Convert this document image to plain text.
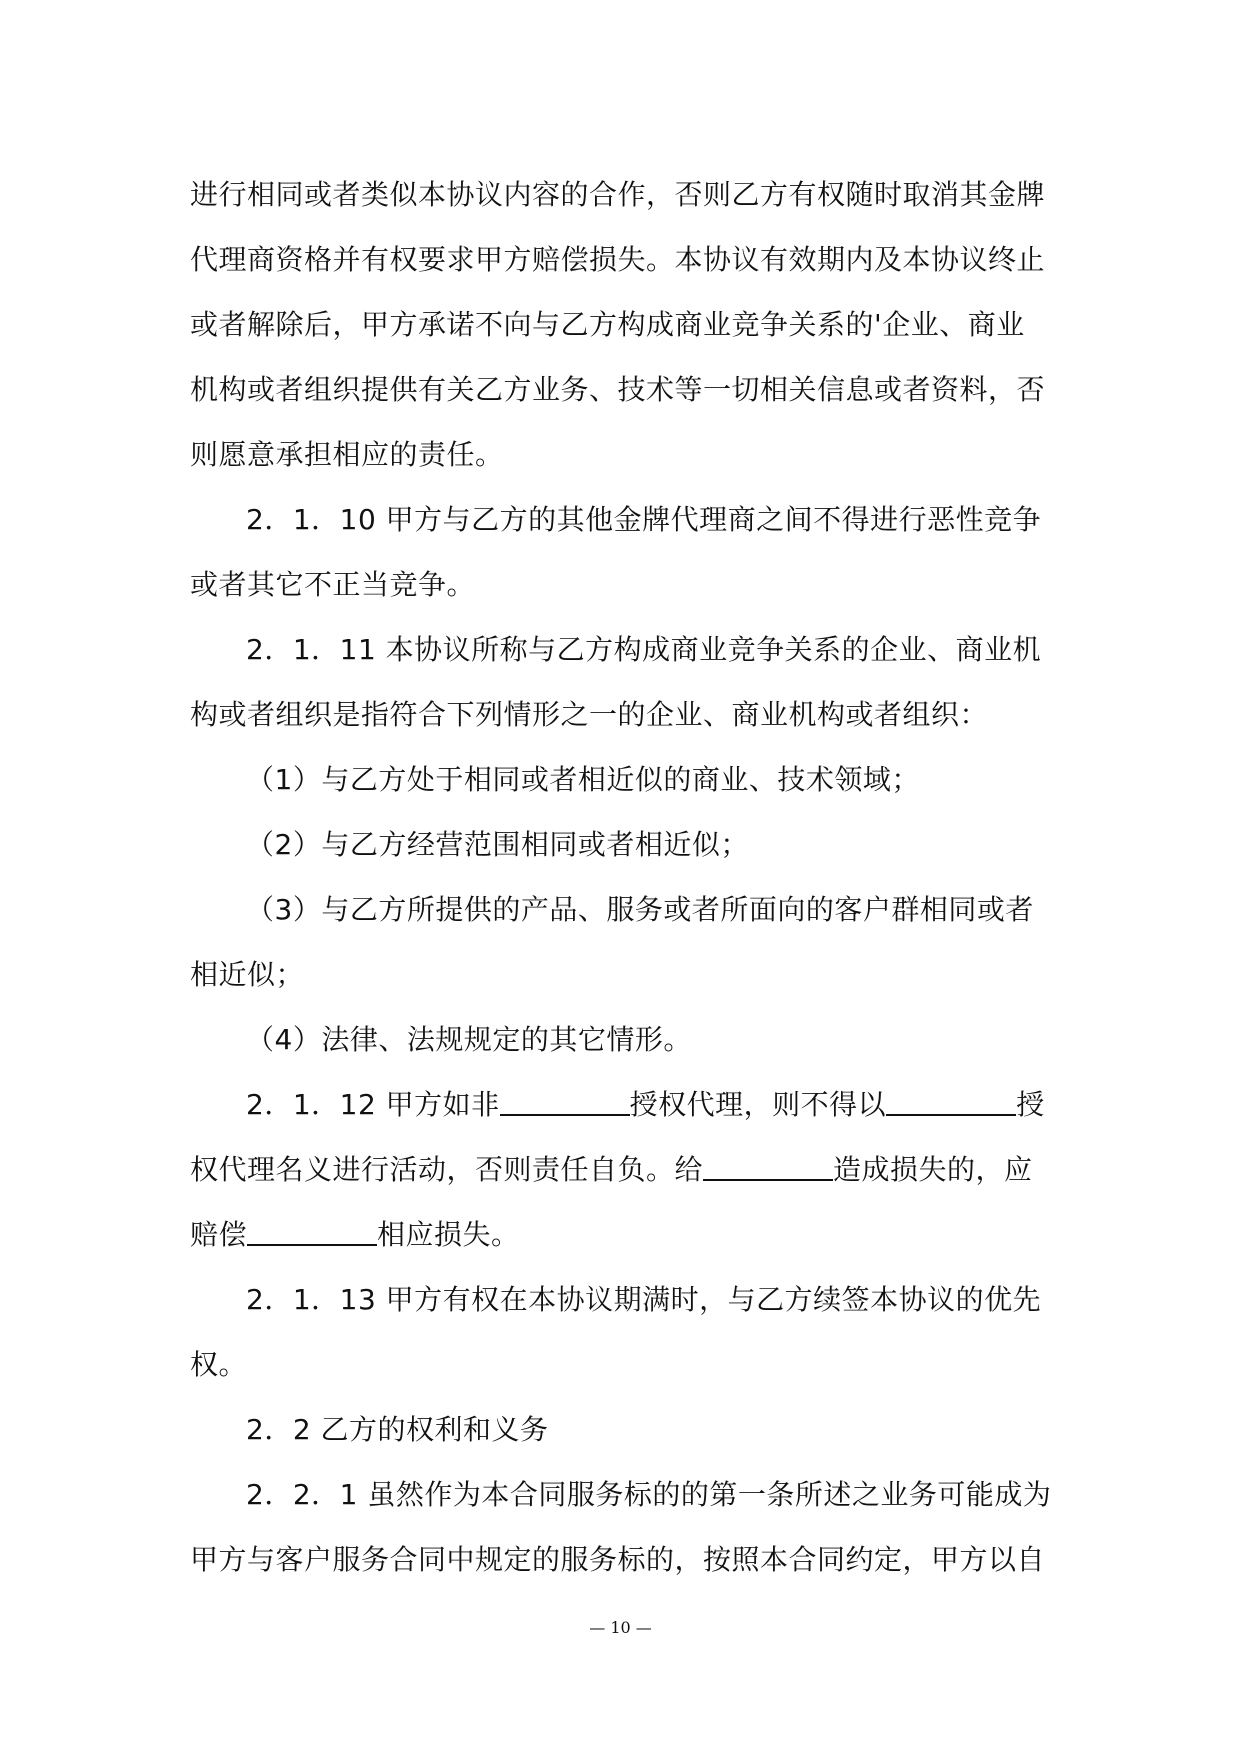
进行相同或者类似本协议内容的合作，否则乙方有权随时取消其金牌
代理商资格并有权要求甲方赔偿损失。本协议有效期内及本协议终止
或者解除后，甲方承诺不向与乙方构成商业竞争关系的'企业、商业
机构或者组织提供有关乙方业务、技术等一切相关信息或者资料，否
则愿意承担相应的责任。
2．1．10 甲方与乙方的其他金牌代理商之间不得进行恶性竞争
或者其它不正当竞争。
2．1．11 本协议所称与乙方构成商业竞争关系的企业、商业机
构或者组织是指符合下列情形之一的企业、商业机构或者组织：
（1）与乙方处于相同或者相近似的商业、技术领域；
（2）与乙方经营范围相同或者相近似；
（3）与乙方所提供的产品、服务或者所面向的客户群相同或者
相近似；
（4）法律、法规规定的其它情形。
2．1．12 甲方如非	授权代理，则不得以	授
权代理名义进行活动，否则责任自负。给	造成损失的，应
赔偿	相应损失。
2．1．13 甲方有权在本协议期满时，与乙方续签本协议的优先
权。
2．2 乙方的权利和义务
2．2．1 虽然作为本合同服务标的的第一条所述之业务可能成为
甲方与客户服务合同中规定的服务标的，按照本合同约定，甲方以自
— 10 —
